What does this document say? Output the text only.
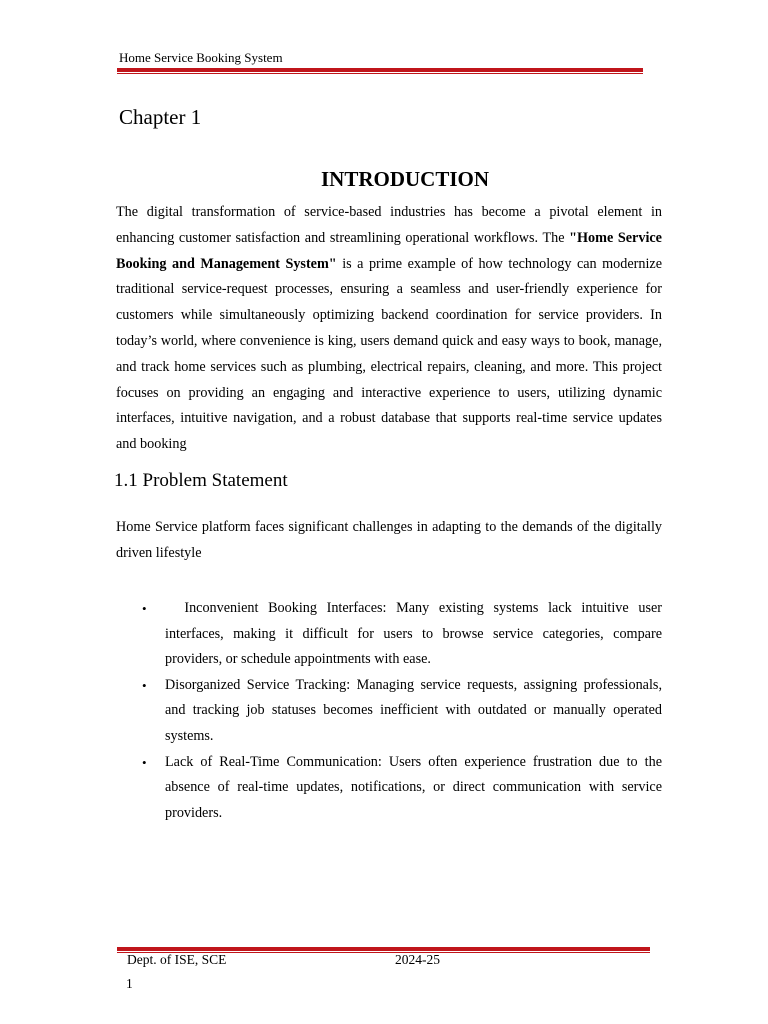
Home Service Booking System
Chapter 1
INTRODUCTION

The digital transformation of service-based industries has become a pivotal element in enhancing customer satisfaction and streamlining operational workflows. The "Home Service Booking and Management System" is a prime example of how technology can modernize traditional service-request processes, ensuring a seamless and user-friendly experience for customers while simultaneously optimizing backend coordination for service providers. In today’s world, where convenience is king, users demand quick and easy ways to book, manage, and track home services such as plumbing, electrical repairs, cleaning, and more. This project focuses on providing an engaging and interactive experience to users, utilizing dynamic interfaces, intuitive navigation, and a robust database that supports real-time service updates and booking

1.1 Problem Statement

Home Service platform faces significant challenges in adapting to the demands of the digitally driven lifestyle

• Inconvenient Booking Interfaces: Many existing systems lack intuitive user interfaces, making it difficult for users to browse service categories, compare providers, or schedule appointments with ease.
• Disorganized Service Tracking: Managing service requests, assigning professionals, and tracking job statuses becomes inefficient with outdated or manually operated systems.
• Lack of Real-Time Communication: Users often experience frustration due to the absence of real-time updates, notifications, or direct communication with service providers.
Dept. of ISE, SCE	2024-25
1
